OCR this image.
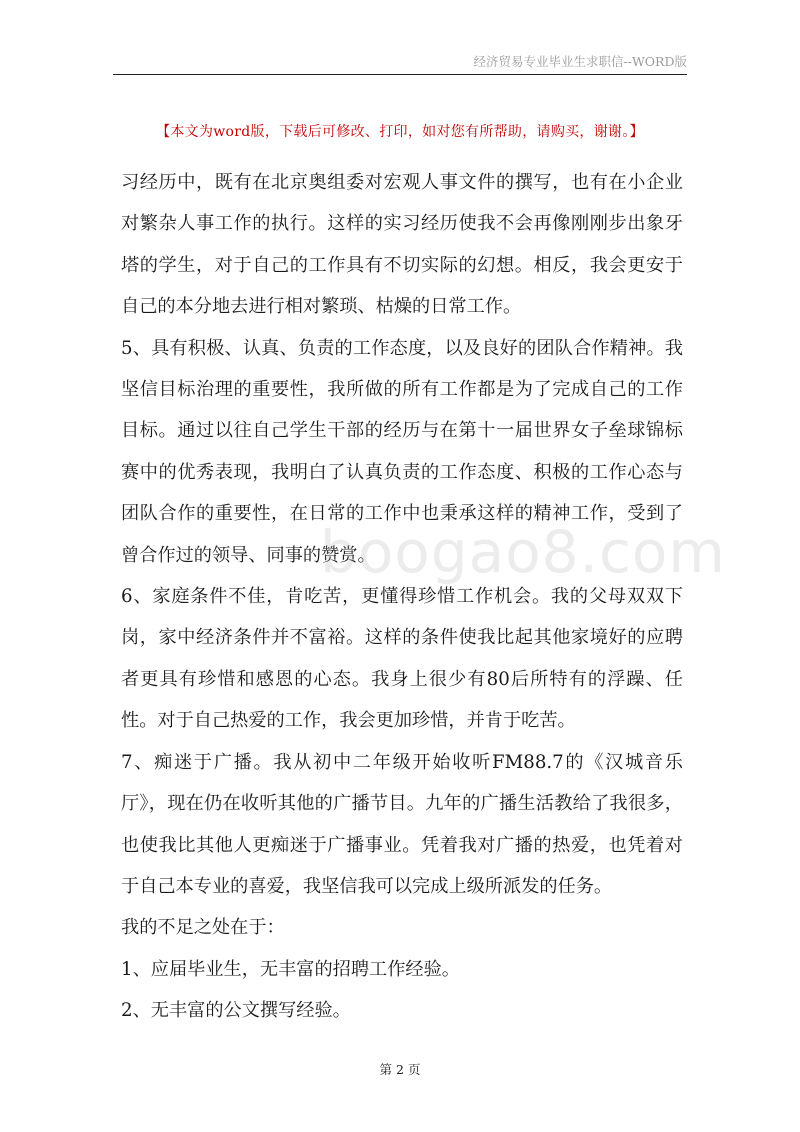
经济贸易专业毕业生求职信--WORD版
【本文为word版，下载后可修改、打印，如对您有所帮助，请购买，谢谢。】

习经历中，既有在北京奥组委对宏观人事文件的撰写，也有在小企业对繁杂人事工作的执行。这样的实习经历使我不会再像刚刚步出象牙塔的学生，对于自己的工作具有不切实际的幻想。相反，我会更安于自己的本分地去进行相对繁琐、枯燥的日常工作。

5、具有积极、认真、负责的工作态度，以及良好的团队合作精神。我坚信目标治理的重要性，我所做的所有工作都是为了完成自己的工作目标。通过以往自己学生干部的经历与在第十一届世界女子垒球锦标赛中的优秀表现，我明白了认真负责的工作态度、积极的工作心态与团队合作的重要性，在日常的工作中也秉承这样的精神工作，受到了曾合作过的领导、同事的赞赏。

6、家庭条件不佳，肯吃苦，更懂得珍惜工作机会。我的父母双双下岗，家中经济条件并不富裕。这样的条件使我比起其他家境好的应聘者更具有珍惜和感恩的心态。我身上很少有80后所特有的浮躁、任性。对于自己热爱的工作，我会更加珍惜，并肯于吃苦。

7、痴迷于广播。我从初中二年级开始收听FM88.7的《汉城音乐厅》，现在仍在收听其他的广播节目。九年的广播生活教给了我很多，也使我比其他人更痴迷于广播事业。凭着我对广播的热爱，也凭着对于自己本专业的喜爱，我坚信我可以完成上级所派发的任务。

我的不足之处在于：

1、应届毕业生，无丰富的招聘工作经验。

2、无丰富的公文撰写经验。

boogao8.com
第 2 页
